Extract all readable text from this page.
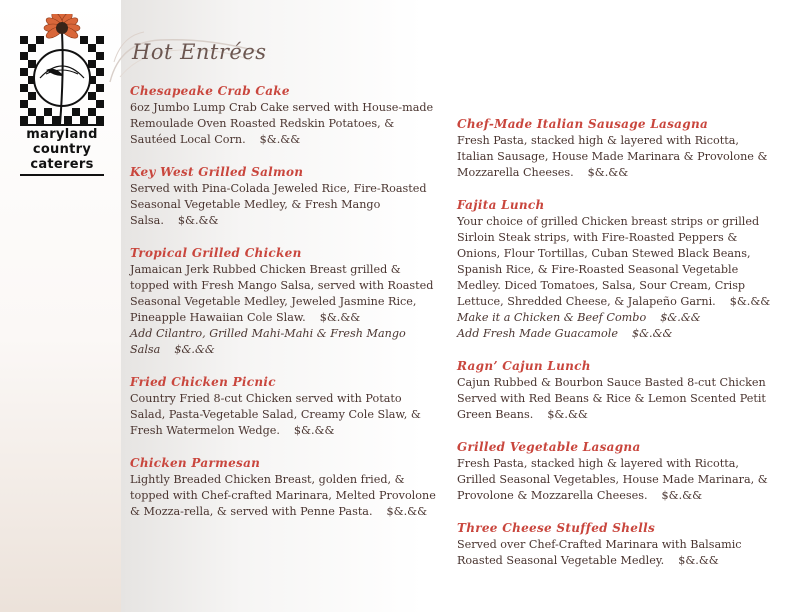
maryland
country
caterers
Hot Entrées
Chesapeake Crab Cake

6oz Jumbo Lump Crab Cake served with House-made Remoulade Oven Roasted Redskin Potatoes, & Sautéed Local Corn. $&.&&

Key West Grilled Salmon

Served with Pina-Colada Jeweled Rice, Fire-Roasted Seasonal Vegetable Medley, & Fresh Mango Salsa. $&.&&

Tropical Grilled Chicken

Jamaican Jerk Rubbed Chicken Breast grilled & topped with Fresh Mango Salsa, served with Roasted Seasonal Vegetable Medley, Jeweled Jasmine Rice, Pineapple Hawaiian Cole Slaw. $&.&&

Add Cilantro, Grilled Mahi-Mahi & Fresh Mango Salsa $&.&&

Fried Chicken Picnic

Country Fried 8-cut Chicken served with Potato Salad, Pasta-Vegetable Salad, Creamy Cole Slaw, & Fresh Watermelon Wedge. $&.&&

Chicken Parmesan

Lightly Breaded Chicken Breast, golden fried, & topped with Chef-crafted Marinara, Melted Provolone & Mozza-rella, & served with Penne Pasta. $&.&&

Chef-Made Italian Sausage Lasagna

Fresh Pasta, stacked high & layered with Ricotta, Italian Sausage, House Made Marinara & Provolone & Mozzarella Cheeses. $&.&&

Fajita Lunch

Your choice of grilled Chicken breast strips or grilled Sirloin Steak strips, with Fire-Roasted Peppers & Onions, Flour Tortillas, Cuban Stewed Black Beans, Spanish Rice, & Fire-Roasted Seasonal Vegetable Medley. Diced Tomatoes, Salsa, Sour Cream, Crisp Lettuce, Shredded Cheese, & Jalapeño Garni. $&.&&

Make it a Chicken & Beef Combo $&.&&

Add Fresh Made Guacamole $&.&&

Ragn’ Cajun Lunch

Cajun Rubbed & Bourbon Sauce Basted 8-cut Chicken Served with Red Beans & Rice & Lemon Scented Petit Green Beans. $&.&&

Grilled Vegetable Lasagna

Fresh Pasta, stacked high & layered with Ricotta, Grilled Seasonal Vegetables, House Made Marinara, & Provolone & Mozzarella Cheeses. $&.&&

Three Cheese Stuffed Shells

Served over Chef-Crafted Marinara with Balsamic Roasted Seasonal Vegetable Medley. $&.&&
